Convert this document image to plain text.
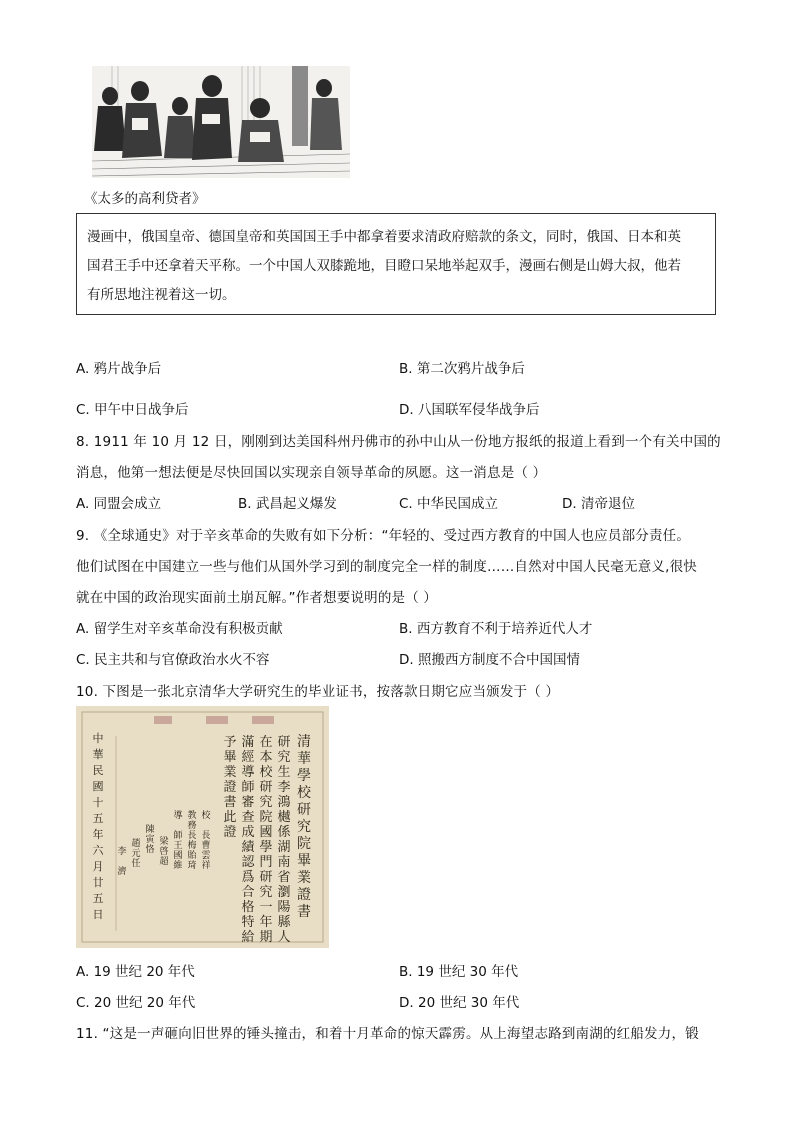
《太多的高利贷者》
漫画中，俄国皇帝、德国皇帝和英国国王手中都拿着要求清政府赔款的条文，同时，俄国、日本和英
国君王手中还拿着天平称。一个中国人双膝跪地，目瞪口呆地举起双手，漫画右侧是山姆大叔，他若
有所思地注视着这一切。
A. 鸦片战争后	B. 第二次鸦片战争后
C. 甲午中日战争后	D. 八国联军侵华战争后
8. 1911 年 10 月 12 日，刚刚到达美国科州丹佛市的孙中山从一份地方报纸的报道上看到一个有关中国的
消息，他第一想法便是尽快回国以实现亲自领导革命的夙愿。这一消息是（ ）
A. 同盟会成立	B. 武昌起义爆发	C. 中华民国成立	D. 清帝退位
9. 《全球通史》对于辛亥革命的失败有如下分析：“年轻的、受过西方教育的中国人也应员部分责任。
他们试图在中国建立一些与他们从国外学习到的制度完全一样的制度……自然对中国人民毫无意义,很快
就在中国的政治现实面前土崩瓦解。”作者想要说明的是（ ）
A. 留学生对辛亥革命没有积极贡献	B. 西方教育不利于培养近代人才
C. 民主共和与官僚政治水火不容	D. 照搬西方制度不合中国国情
10. 下图是一张北京清华大学研究生的毕业证书，按落款日期它应当颁发于（ ）
清
華
學
校
研
究
院
畢
業
證
書
研
究
生
李
鴻
樾
係
湖
南
省
瀏
陽
縣
人
在
本
校
研
究
院
國
學
門
研
究
一
年
期
滿
經
導
師
審
查
成
績
認
爲
合
格
特
給
予
畢
業
證
書
此
證
校

長
曹
雲
祥
教
務
長
梅
貽
琦
導

師
王
國
維
梁
啓
超
陳
寅
恪
趙
元
任
李

濟
中
華
民
國
十
五
年
六
月
廿
五
日
A. 19 世纪 20 年代	B. 19 世纪 30 年代
C. 20 世纪 20 年代	D. 20 世纪 30 年代
11. “这是一声砸向旧世界的锤头撞击，和着十月革命的惊天霹雳。从上海望志路到南湖的红船发力，锻
